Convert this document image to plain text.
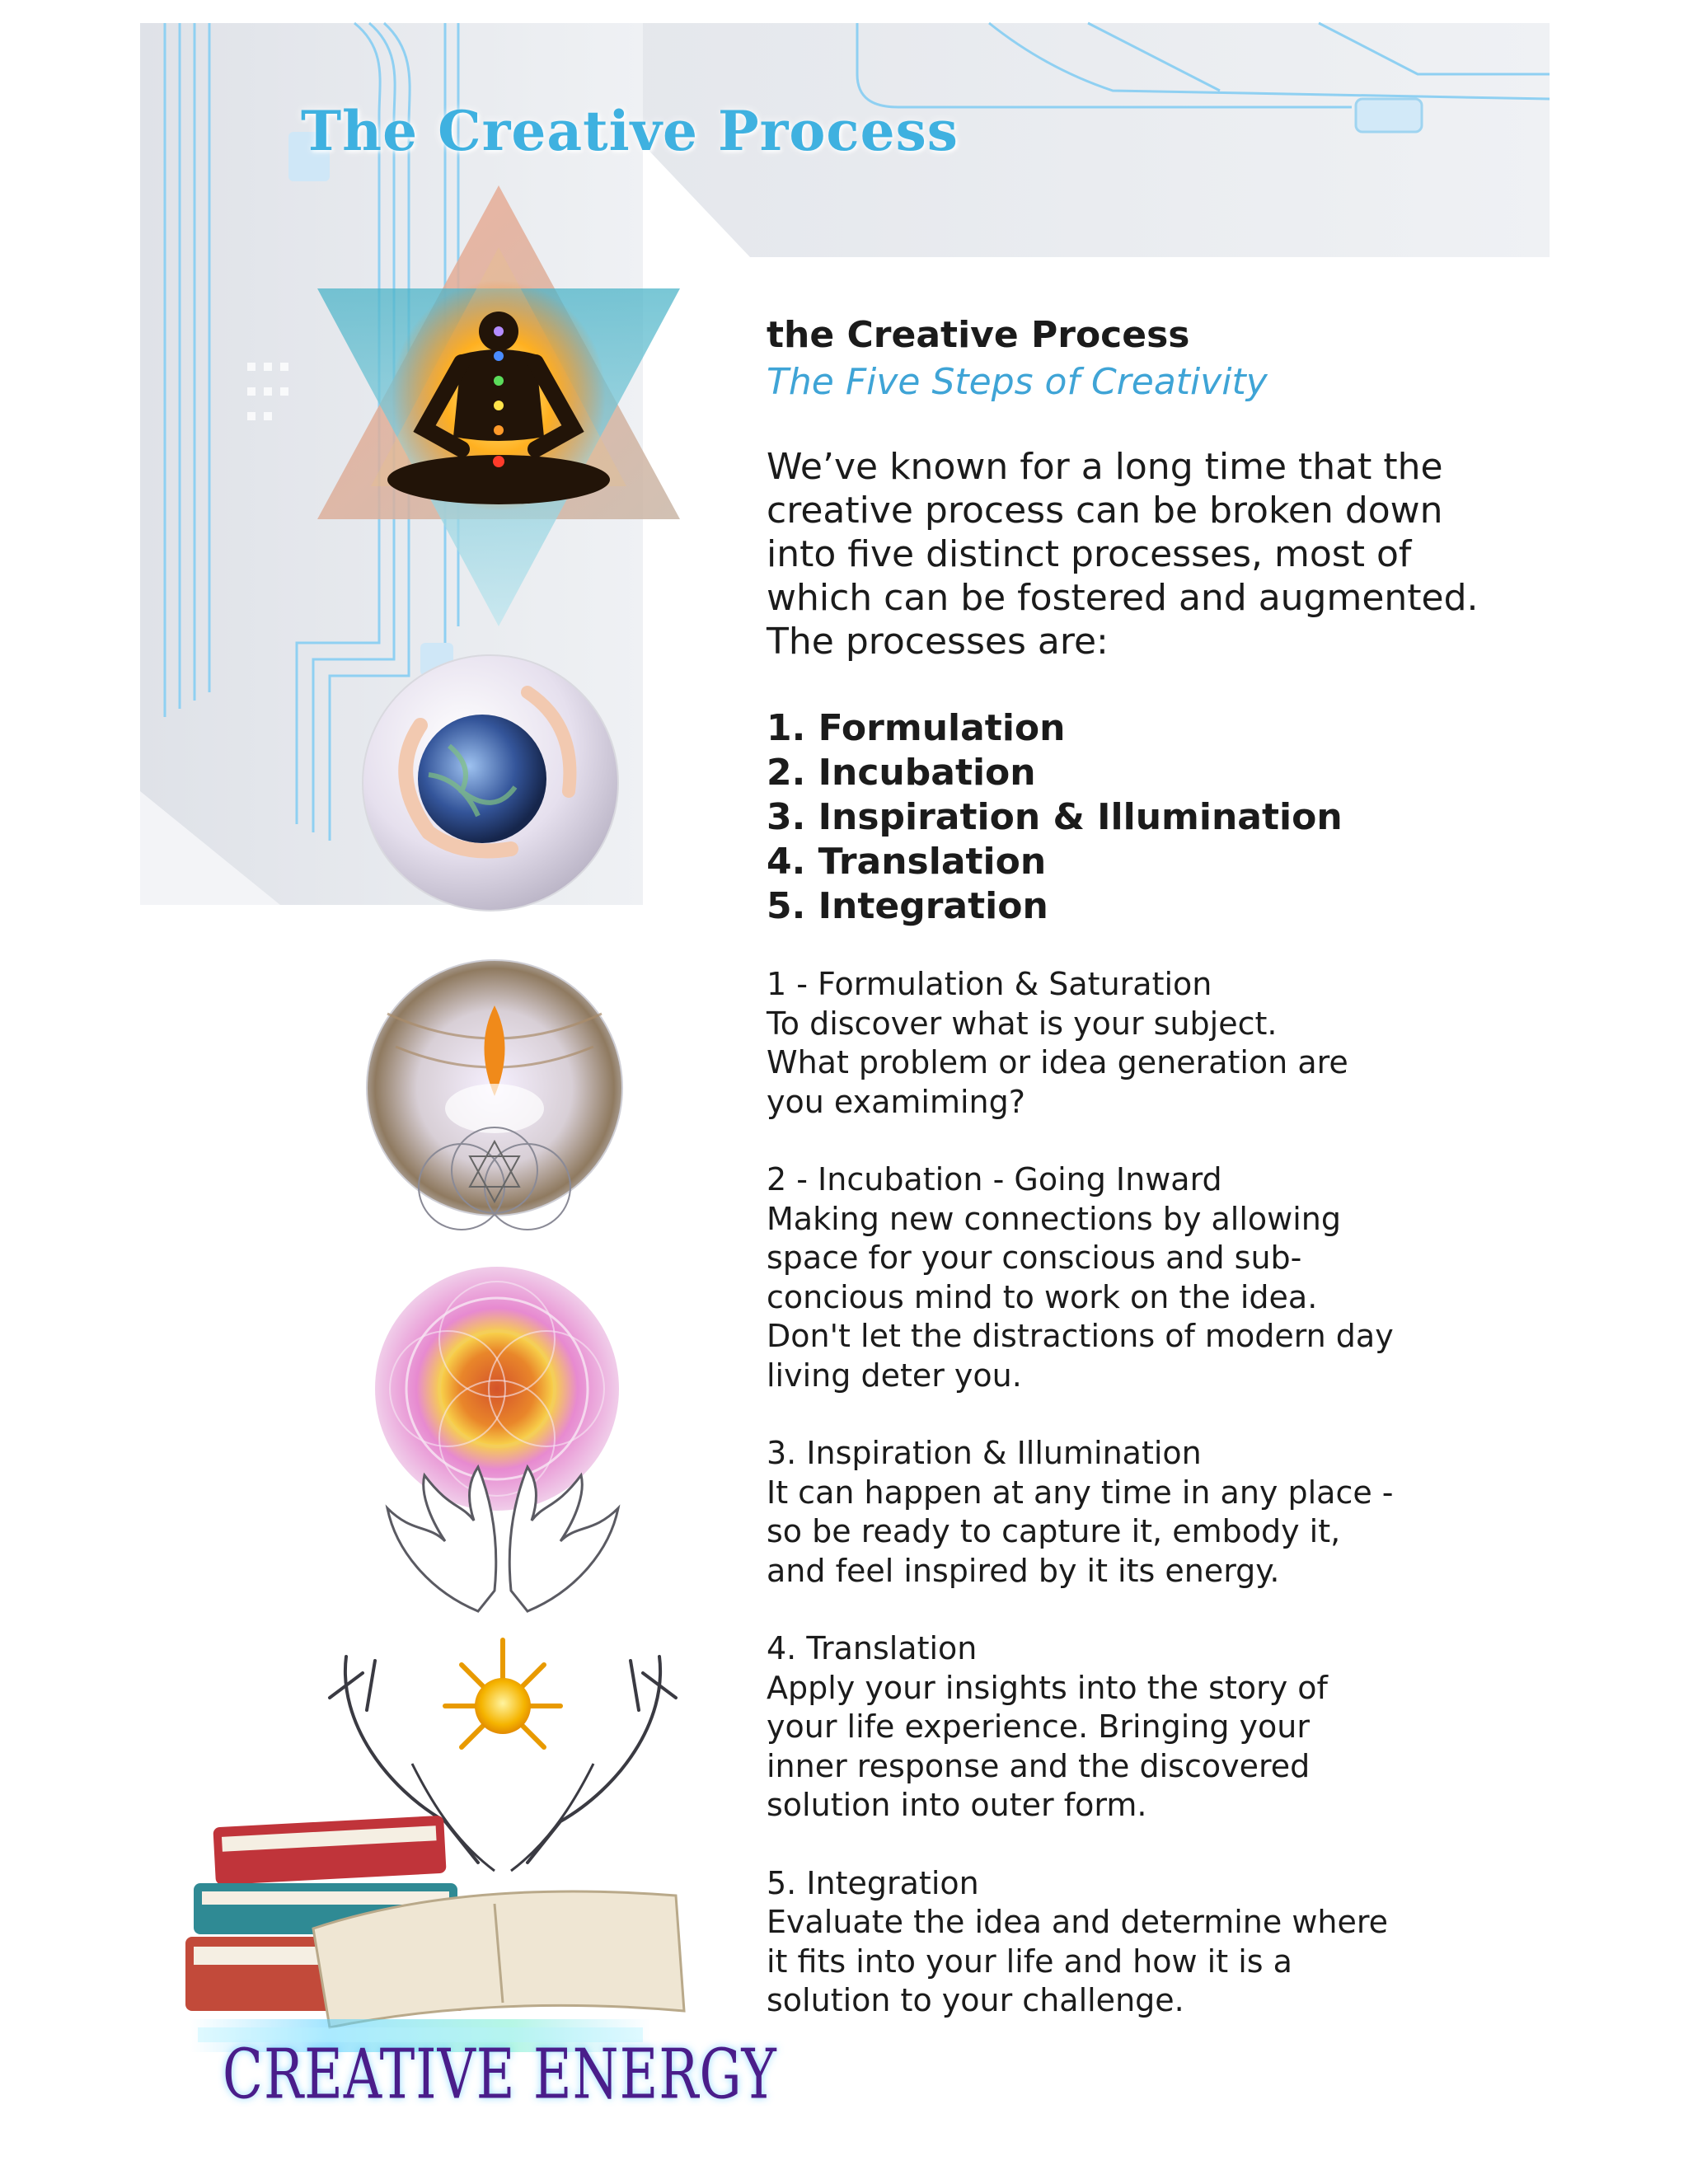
The Creative Process
the Creative Process
The Five Steps of Creativity
We’ve known for a long time that the
creative process can be broken down
into five distinct processes, most of
which can be fostered and augmented.
The processes are:
1. Formulation
2. Incubation
3. Inspiration & Illumination
4. Translation
5. Integration
1 - Formulation & Saturation
To discover what is your subject.
What problem or idea generation are
you examiming?
2 - Incubation - Going Inward
Making new connections by allowing
space for your conscious and sub-
concious mind to work on the idea.
Don't let the distractions of modern day
living deter you.
3. Inspiration & Illumination
It can happen at any time in any place -
so be ready to capture it, embody it,
and feel inspired by it its energy.
4. Translation
Apply your insights into the story of
your life experience. Bringing your
inner response and the discovered
solution into outer form.
5. Integration
Evaluate the idea and determine where
it fits into your life and how it is a
solution to your challenge.
CREATIVE ENERGY
